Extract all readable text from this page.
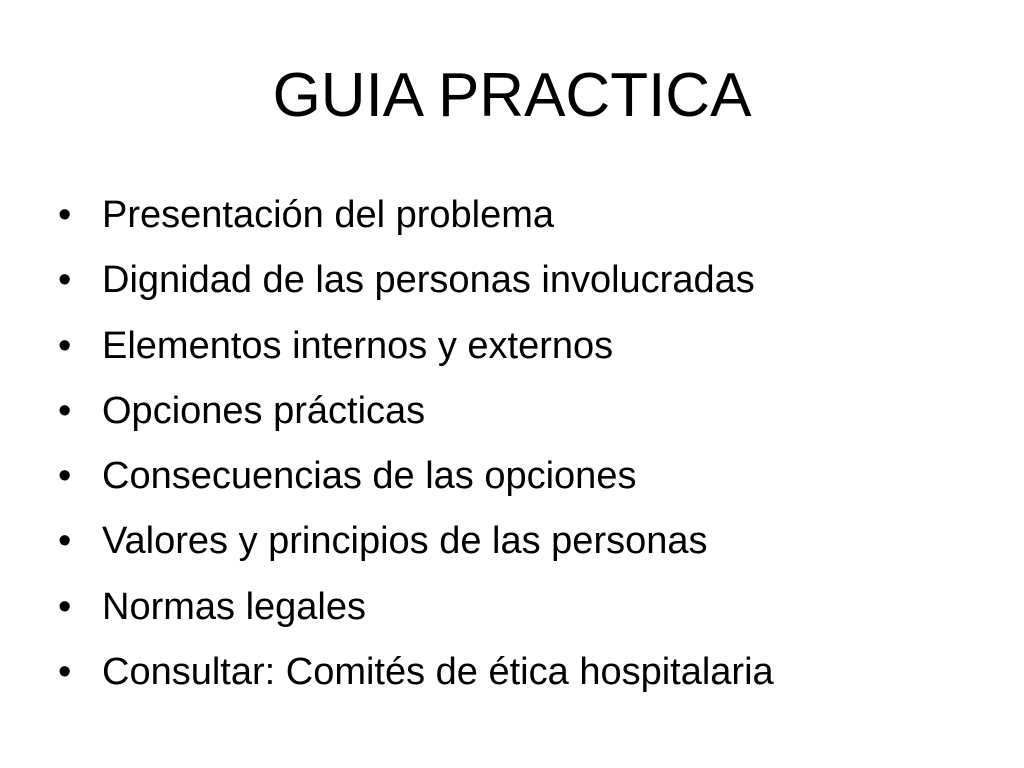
GUIA PRACTICA
• Presentación del problema
• Dignidad de las personas involucradas
• Elementos internos y externos
• Opciones prácticas
• Consecuencias de las opciones
• Valores y principios de las personas
• Normas legales
• Consultar: Comités de ética hospitalaria
